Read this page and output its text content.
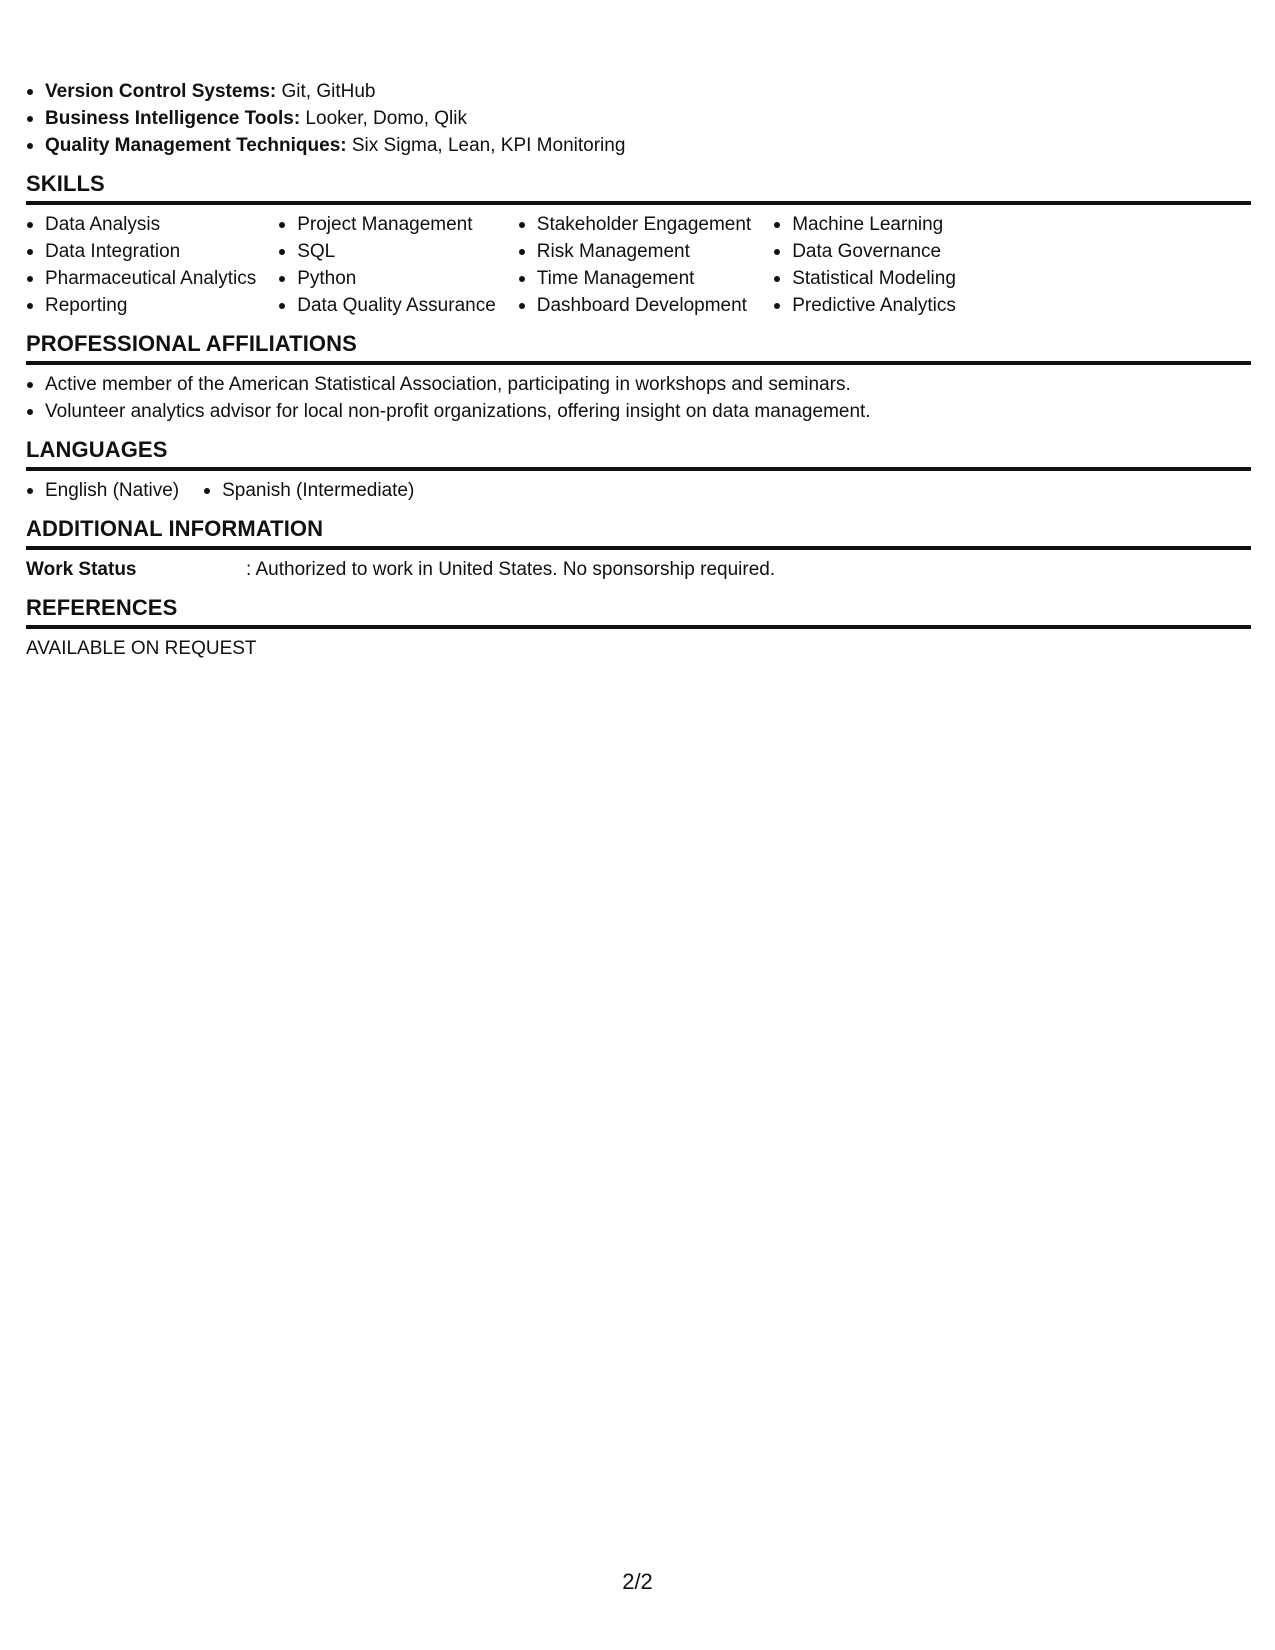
Version Control Systems: Git, GitHub
Business Intelligence Tools: Looker, Domo, Qlik
Quality Management Techniques: Six Sigma, Lean, KPI Monitoring
SKILLS
Data Analysis
Data Integration
Pharmaceutical Analytics
Reporting
Project Management
SQL
Python
Data Quality Assurance
Stakeholder Engagement
Risk Management
Time Management
Dashboard Development
Machine Learning
Data Governance
Statistical Modeling
Predictive Analytics
PROFESSIONAL AFFILIATIONS
Active member of the American Statistical Association, participating in workshops and seminars.
Volunteer analytics advisor for local non-profit organizations, offering insight on data management.
LANGUAGES
English (Native)	Spanish (Intermediate)
ADDITIONAL INFORMATION
Work Status	: Authorized to work in United States. No sponsorship required.
REFERENCES
AVAILABLE ON REQUEST
2/2
